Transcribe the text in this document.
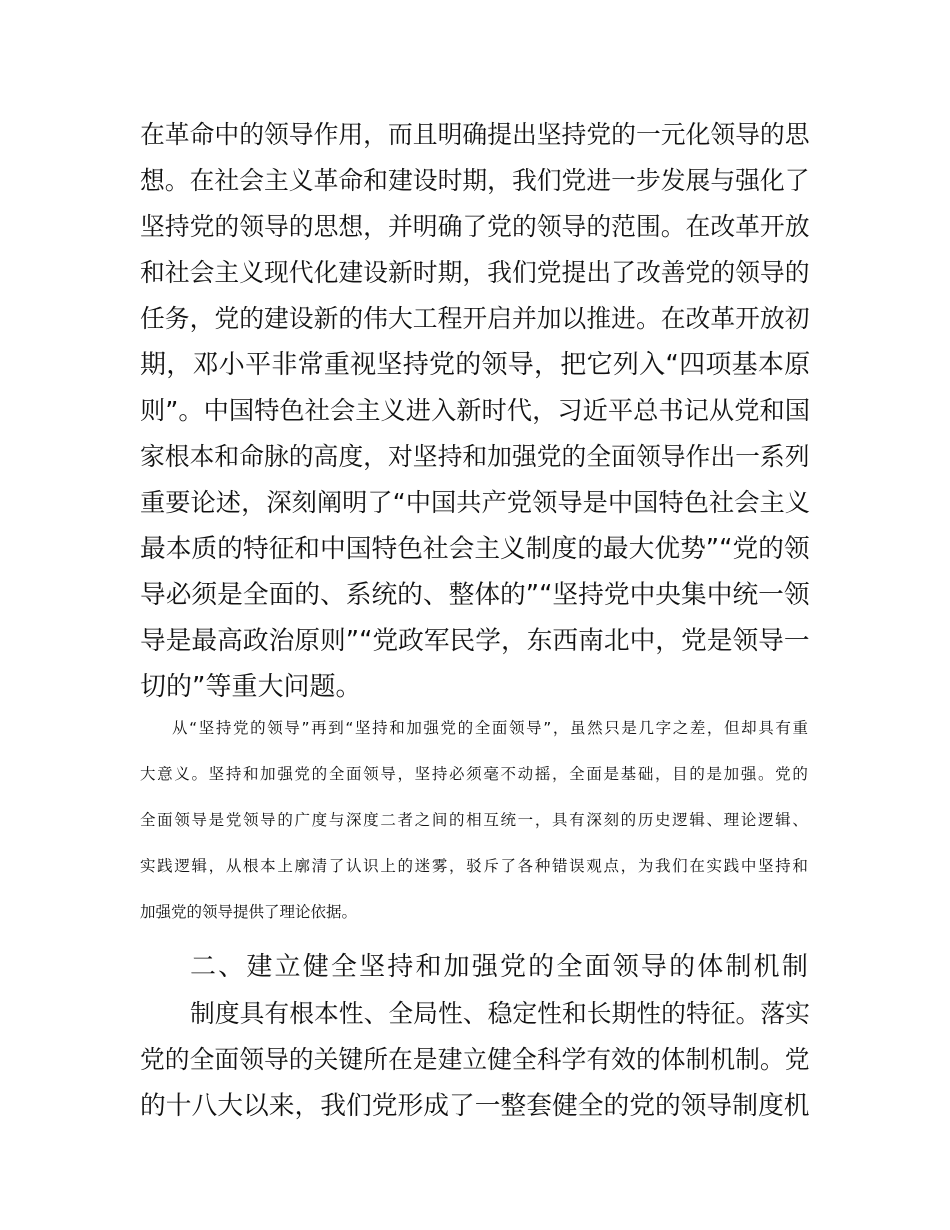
在革命中的领导作用，而且明确提出坚持党的一元化领导的思
想。在社会主义革命和建设时期，我们党进一步发展与强化了
坚持党的领导的思想，并明确了党的领导的范围。在改革开放
和社会主义现代化建设新时期，我们党提出了改善党的领导的
任务，党的建设新的伟大工程开启并加以推进。在改革开放初
期，邓小平非常重视坚持党的领导，把它列入“四项基本原
则”。中国特色社会主义进入新时代，习近平总书记从党和国
家根本和命脉的高度，对坚持和加强党的全面领导作出一系列
重要论述，深刻阐明了“中国共产党领导是中国特色社会主义
最本质的特征和中国特色社会主义制度的最大优势”“党的领
导必须是全面的、系统的、整体的”“坚持党中央集中统一领
导是最高政治原则”“党政军民学，东西南北中，党是领导一
切的”等重大问题。
从“坚持党的领导”再到“坚持和加强党的全面领导”，虽然只是几字之差，但却具有重
大意义。坚持和加强党的全面领导，坚持必须毫不动摇，全面是基础，目的是加强。党的
全面领导是党领导的广度与深度二者之间的相互统一，具有深刻的历史逻辑、理论逻辑、
实践逻辑，从根本上廓清了认识上的迷雾，驳斥了各种错误观点，为我们在实践中坚持和
加强党的领导提供了理论依据。
二、建立健全坚持和加强党的全面领导的体制机制
制度具有根本性、全局性、稳定性和长期性的特征。落实
党的全面领导的关键所在是建立健全科学有效的体制机制。党
的十八大以来，我们党形成了一整套健全的党的领导制度机
